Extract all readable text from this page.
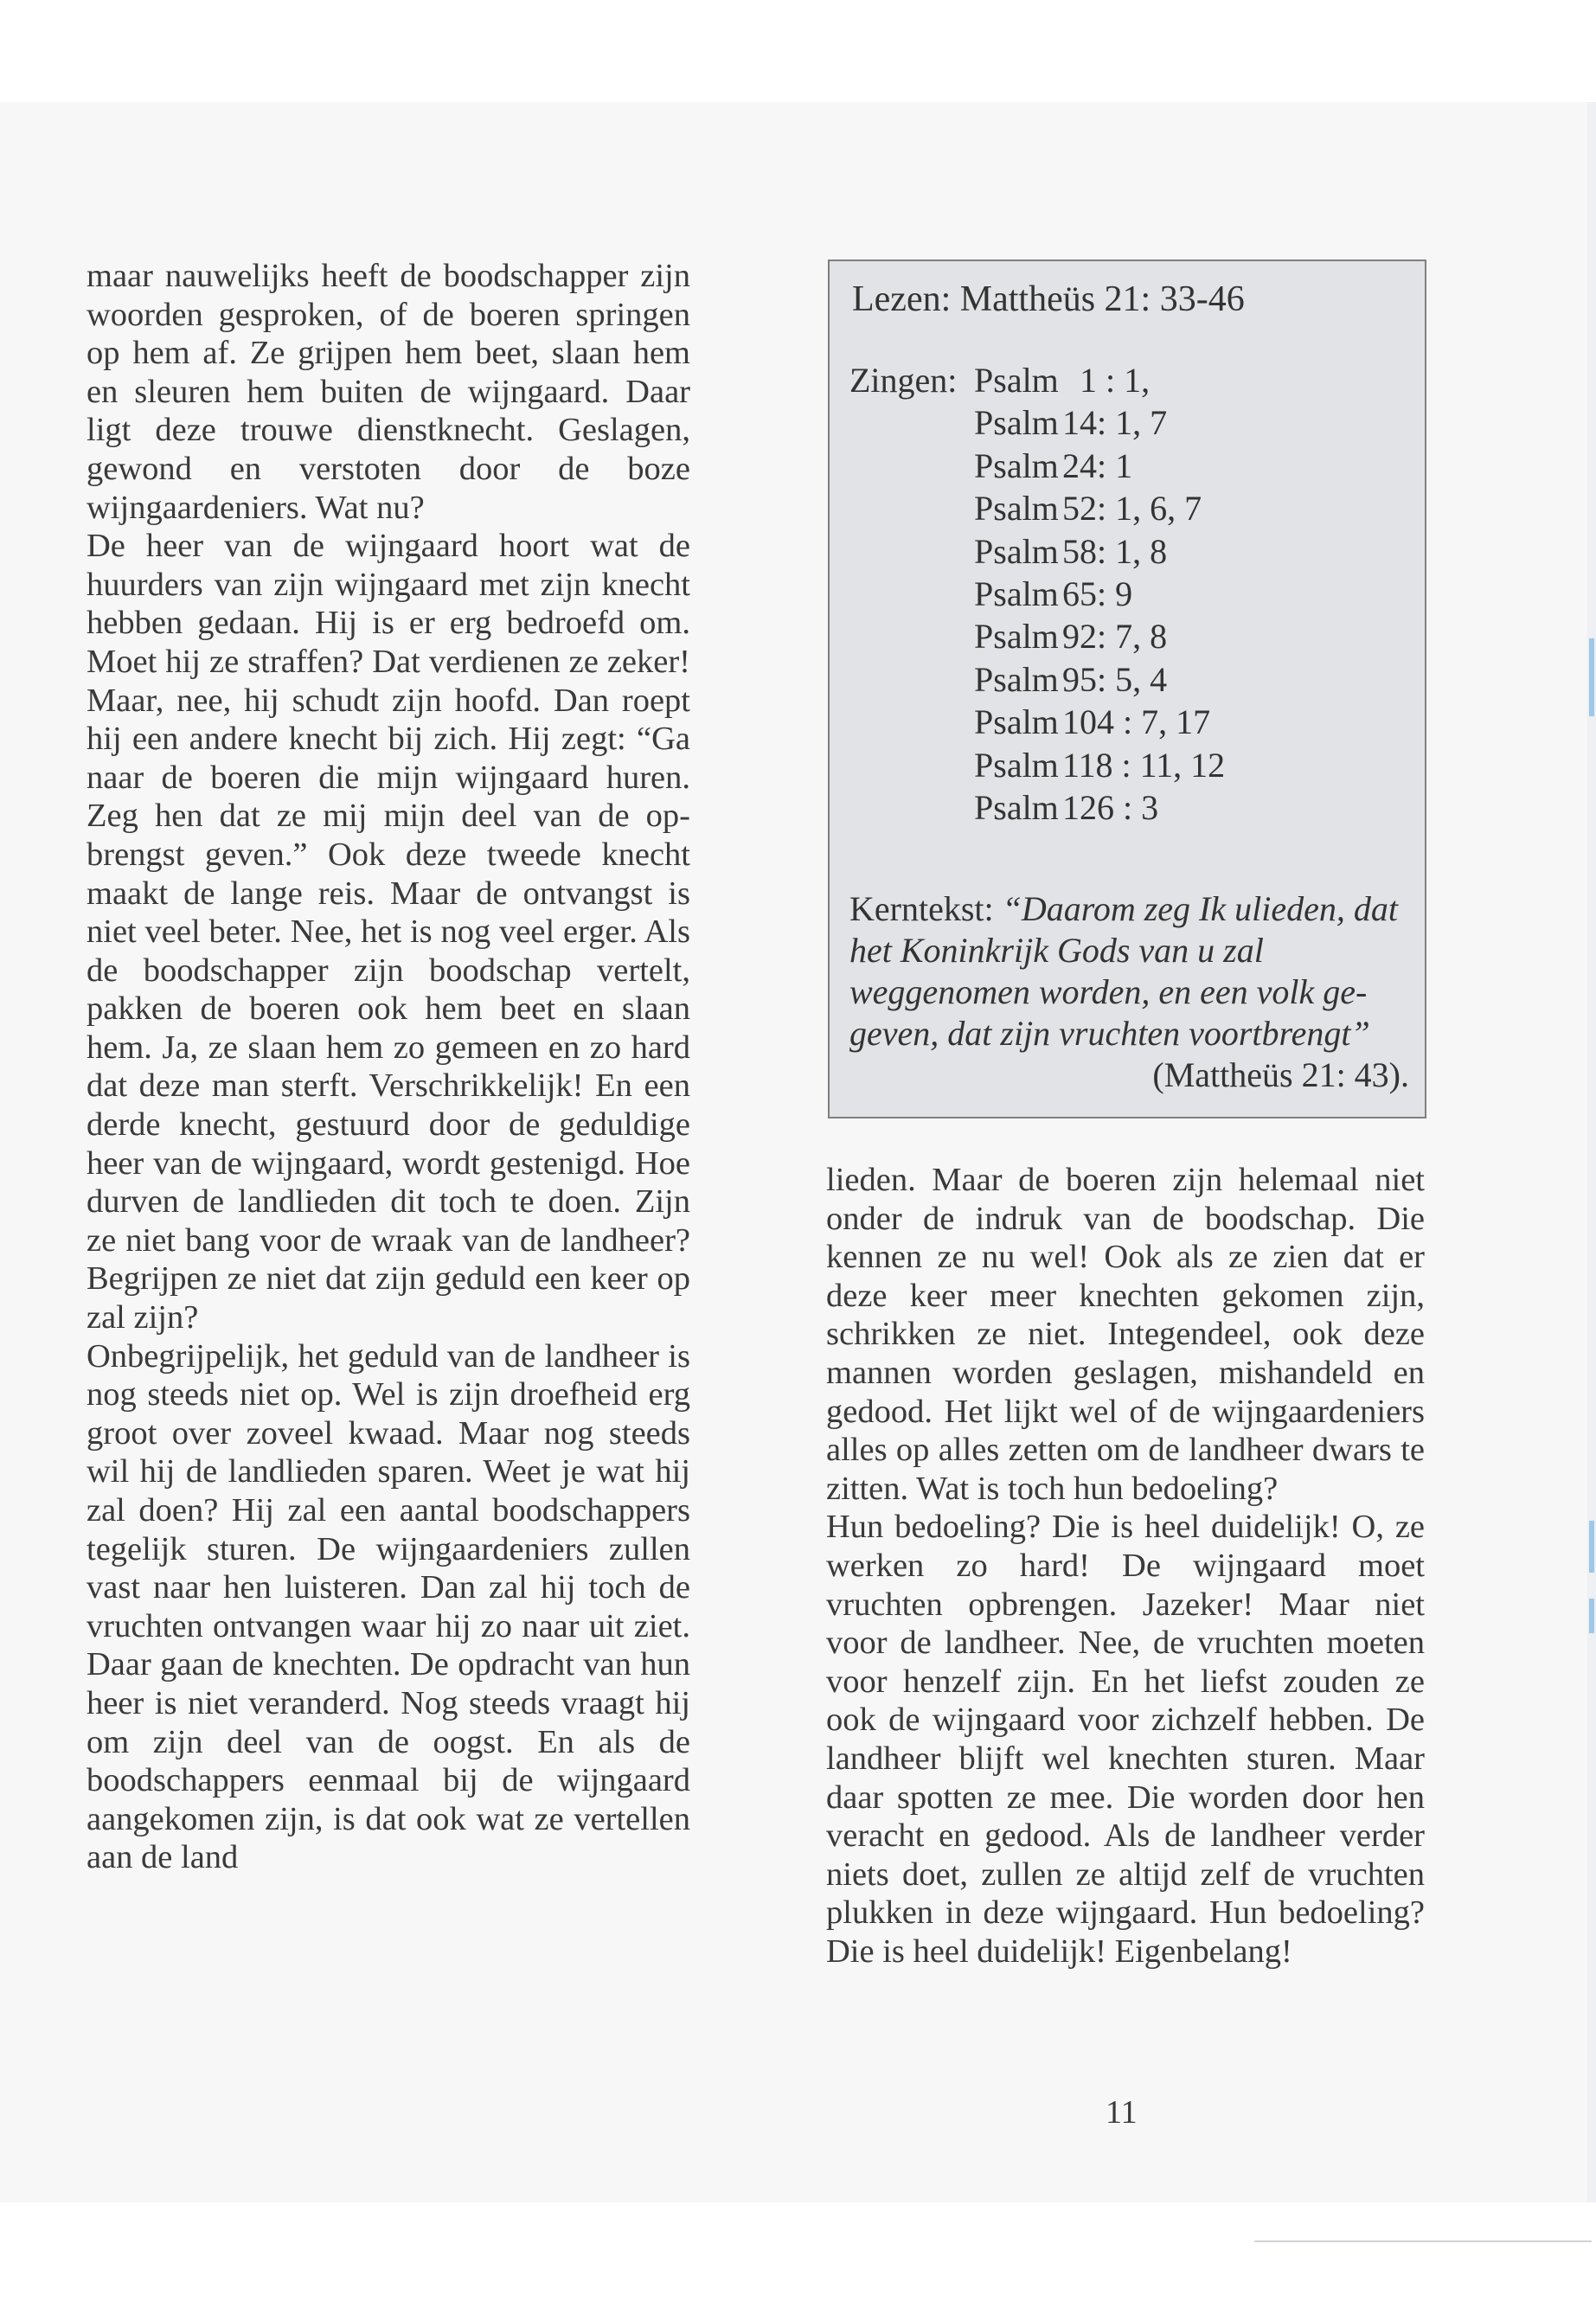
maar nauwelijks heeft de boodschapper zijn woorden gesproken, of de boeren springen op hem af. Ze grijpen hem beet, slaan hem en sleuren hem buiten de wijngaard. Daar ligt deze trouwe dienstknecht. Geslagen, gewond en verstoten door de boze wijngaardeniers. Wat nu?

De heer van de wijngaard hoort wat de huurders van zijn wijngaard met zijn knecht hebben gedaan. Hij is er erg bedroefd om. Moet hij ze straffen? Dat verdienen ze zeker! Maar, nee, hij schudt zijn hoofd. Dan roept hij een andere knecht bij zich. Hij zegt: “Ga naar de boeren die mijn wijngaard huren. Zeg hen dat ze mij mijn deel van de opbrengst geven.” Ook deze tweede knecht maakt de lange reis. Maar de ontvangst is niet veel beter. Nee, het is nog veel erger. Als de boodschapper zijn boodschap vertelt, pakken de boeren ook hem beet en slaan hem. Ja, ze slaan hem zo gemeen en zo hard dat deze man sterft. Verschrikkelijk! En een derde knecht, gestuurd door de geduldige heer van de wijngaard, wordt gestenigd. Hoe durven de landlieden dit toch te doen. Zijn ze niet bang voor de wraak van de landheer? Begrijpen ze niet dat zijn geduld een keer op zal zijn?

Onbegrijpelijk, het geduld van de landheer is nog steeds niet op. Wel is zijn droefheid erg groot over zoveel kwaad. Maar nog steeds wil hij de landlieden sparen. Weet je wat hij zal doen? Hij zal een aantal boodschappers tegelijk sturen. De wijngaardeniers zullen vast naar hen luisteren. Dan zal hij toch de vruchten ontvangen waar hij zo naar uit ziet. Daar gaan de knechten. De opdracht van hun heer is niet veranderd. Nog steeds vraagt hij om zijn deel van de oogst. En als de boodschappers eenmaal bij de wijngaard aangekomen zijn, is dat ook wat ze vertellen aan de land

Lezen: Mattheüs 21: 33-46
Zingen: Psalm 1 : 1,
Psalm 14: 1, 7
Psalm 24: 1
Psalm 52: 1, 6, 7
Psalm 58: 1, 8
Psalm 65: 9
Psalm 92: 7, 8
Psalm 95: 5, 4
Psalm 104 : 7, 17
Psalm 118 : 11, 12
Psalm 126 : 3
Kerntekst: “Daarom zeg Ik ulieden, dat het Koninkrijk Gods van u zal weggenomen worden, en een volk gegeven, dat zijn vruchten voortbrengt”
(Mattheüs 21: 43).

lieden. Maar de boeren zijn helemaal niet onder de indruk van de boodschap. Die kennen ze nu wel! Ook als ze zien dat er deze keer meer knechten gekomen zijn, schrikken ze niet. Integendeel, ook deze mannen worden geslagen, mishandeld en gedood. Het lijkt wel of de wijngaardeniers alles op alles zetten om de landheer dwars te zitten. Wat is toch hun bedoeling?

Hun bedoeling? Die is heel duidelijk! O, ze werken zo hard! De wijngaard moet vruchten opbrengen. Jazeker! Maar niet voor de landheer. Nee, de vruchten moeten voor henzelf zijn. En het liefst zouden ze ook de wijngaard voor zichzelf hebben. De landheer blijft wel knechten sturen. Maar daar spotten ze mee. Die worden door hen veracht en gedood. Als de landheer verder niets doet, zullen ze altijd zelf de vruchten plukken in deze wijngaard. Hun bedoeling? Die is heel duidelijk! Eigenbelang!

11
